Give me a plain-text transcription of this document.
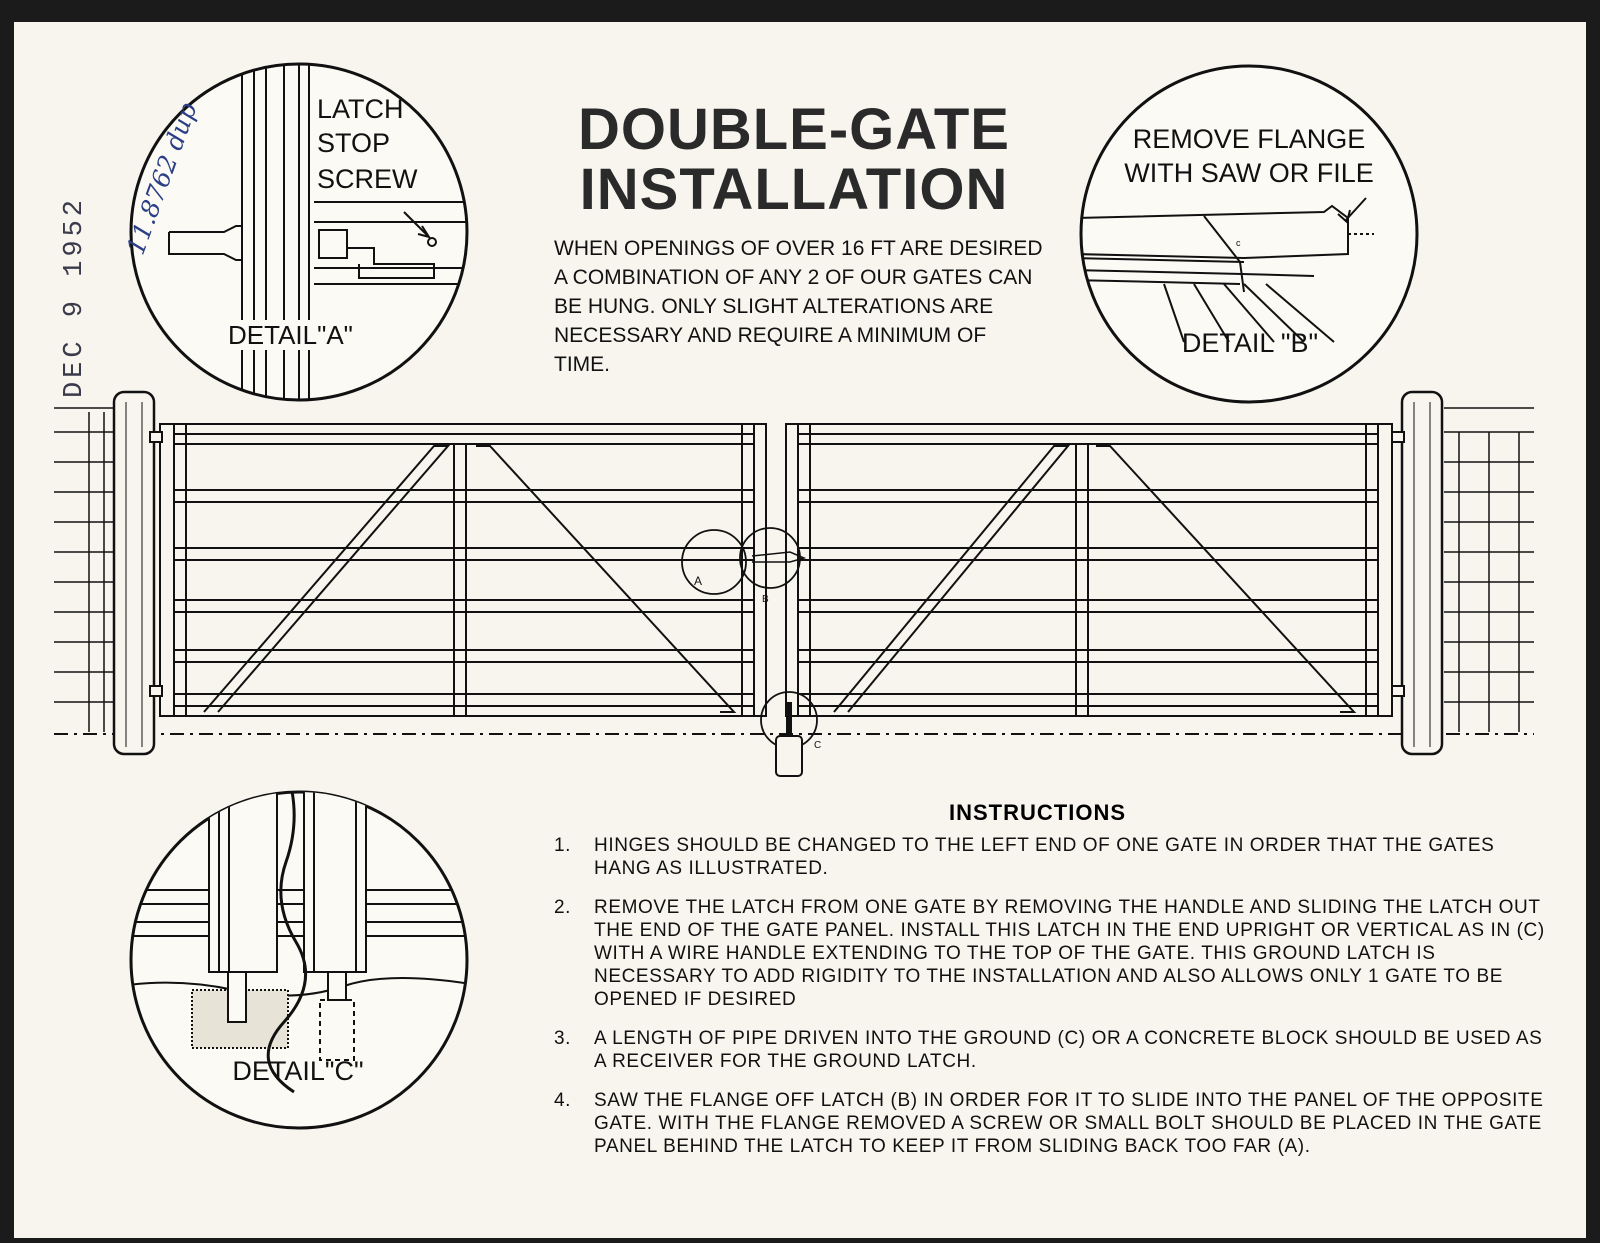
A
B
C
c
LATCH
STOP
SCREW
DETAIL"A"
REMOVE FLANGE
WITH SAW OR FILE
DETAIL "B"
DETAIL"C"
DEC 9 1952
11.8762 dup	DOUBLE-GATE
INSTALLATION
WHEN OPENINGS OF OVER 16 FT ARE DESIRED A COMBINATION OF ANY 2 OF OUR GATES CAN BE HUNG. ONLY SLIGHT ALTERATIONS ARE NECESSARY AND REQUIRE A MINIMUM OF TIME.
INSTRUCTIONS
1. HINGES SHOULD BE CHANGED TO THE LEFT END OF ONE GATE IN ORDER THAT THE GATES HANG AS ILLUSTRATED.
2. REMOVE THE LATCH FROM ONE GATE BY REMOVING THE HANDLE AND SLIDING THE LATCH OUT THE END OF THE GATE PANEL. INSTALL THIS LATCH IN THE END UPRIGHT OR VERTICAL AS IN (C) WITH A WIRE HANDLE EXTENDING TO THE TOP OF THE GATE. THIS GROUND LATCH IS NECESSARY TO ADD RIGIDITY TO THE INSTALLATION AND ALSO ALLOWS ONLY 1 GATE TO BE OPENED IF DESIRED
3. A LENGTH OF PIPE DRIVEN INTO THE GROUND (C) OR A CONCRETE BLOCK SHOULD BE USED AS A RECEIVER FOR THE GROUND LATCH.
4. SAW THE FLANGE OFF LATCH (B) IN ORDER FOR IT TO SLIDE INTO THE PANEL OF THE OPPOSITE GATE. WITH THE FLANGE REMOVED A SCREW OR SMALL BOLT SHOULD BE PLACED IN THE GATE PANEL BEHIND THE LATCH TO KEEP IT FROM SLIDING BACK TOO FAR (A).
